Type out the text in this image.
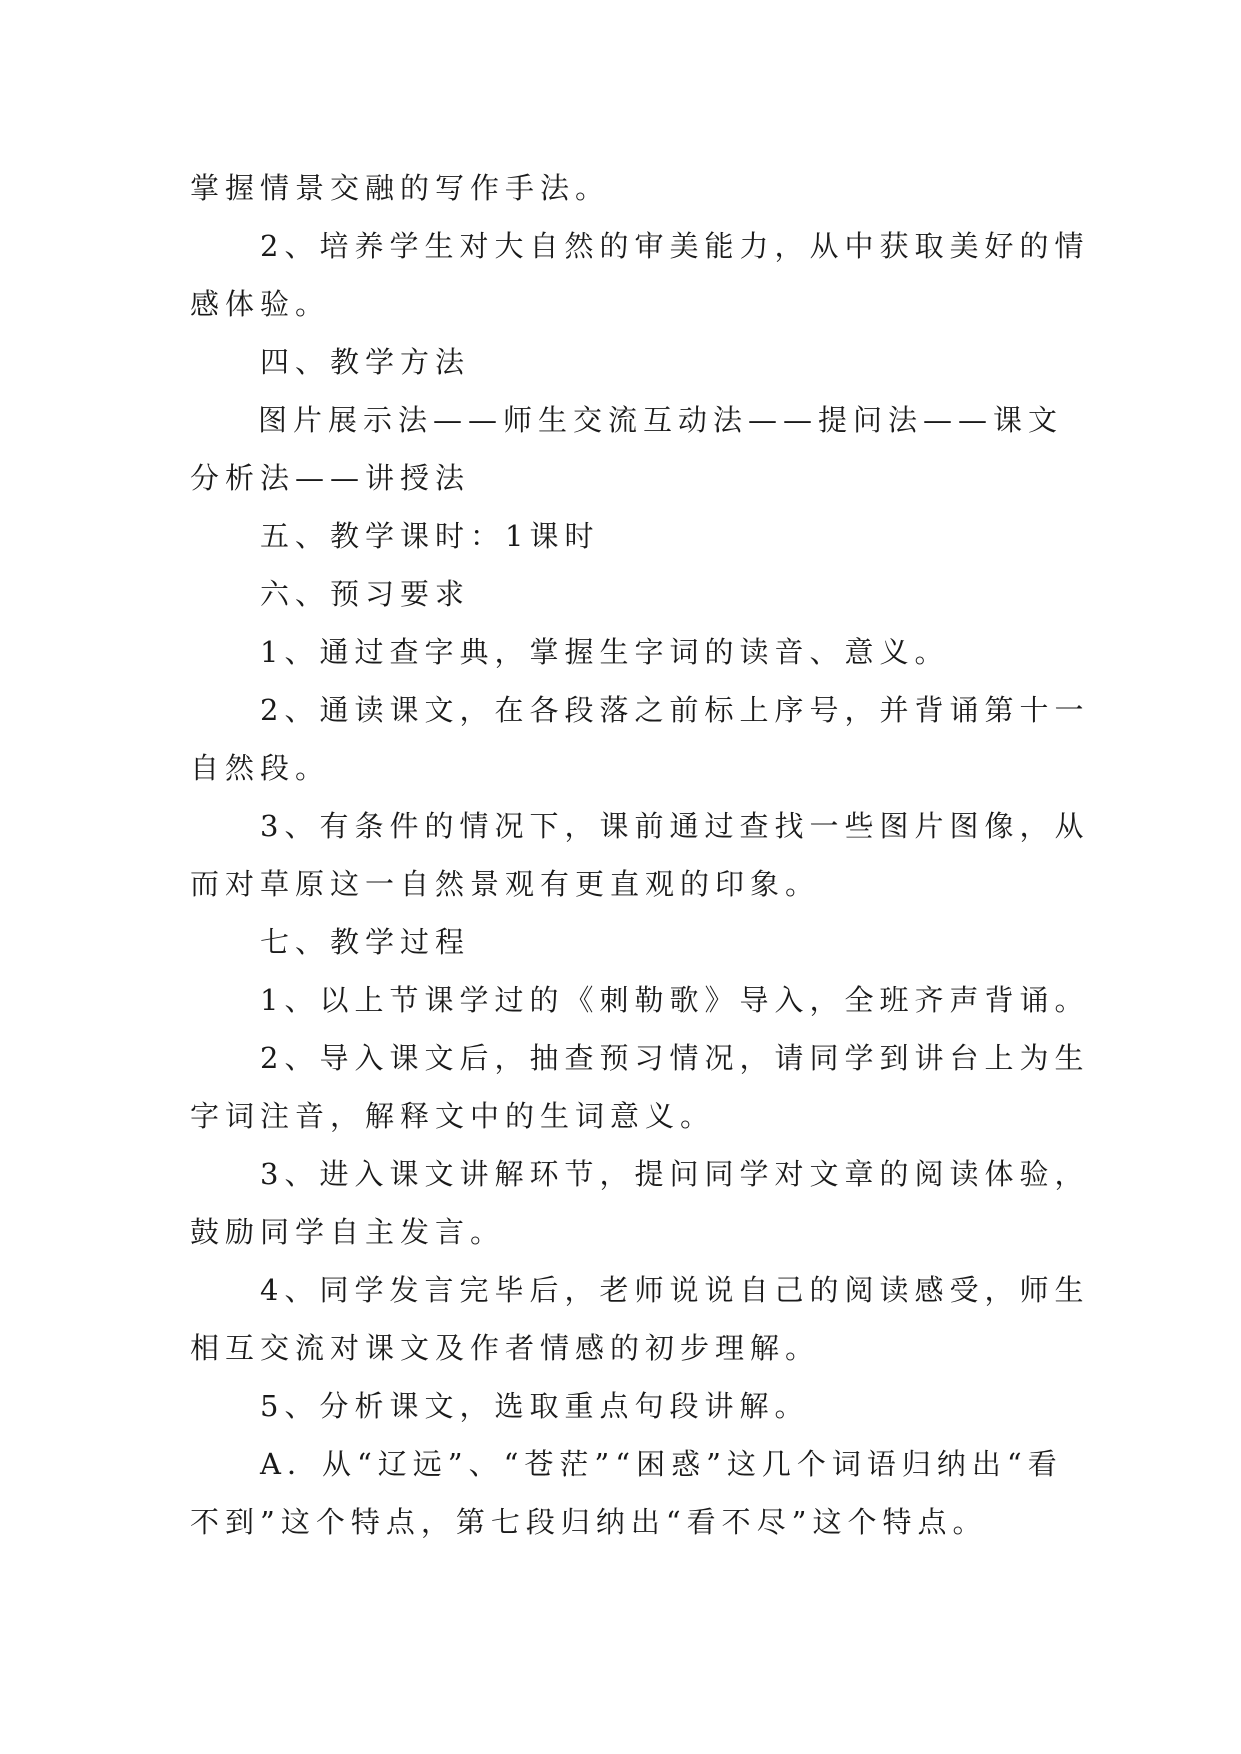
掌握情景交融的写作手法。
2、培养学生对大自然的审美能力，从中获取美好的情
感体验。
四、教学方法
图片展示法——师生交流互动法——提问法——课文
分析法——讲授法
五、教学课时：1课时
六、预习要求
1、通过查字典，掌握生字词的读音、意义。
2、通读课文，在各段落之前标上序号，并背诵第十一
自然段。
3、有条件的情况下，课前通过查找一些图片图像，从
而对草原这一自然景观有更直观的印象。
七、教学过程
1、以上节课学过的《刺勒歌》导入，全班齐声背诵。
2、导入课文后，抽查预习情况，请同学到讲台上为生
字词注音，解释文中的生词意义。
3、进入课文讲解环节，提问同学对文章的阅读体验，
鼓励同学自主发言。
4、同学发言完毕后，老师说说自己的阅读感受，师生
相互交流对课文及作者情感的初步理解。
5、分析课文，选取重点句段讲解。
A．从“辽远”、“苍茫”“困惑”这几个词语归纳出“看
不到”这个特点，第七段归纳出“看不尽”这个特点。
